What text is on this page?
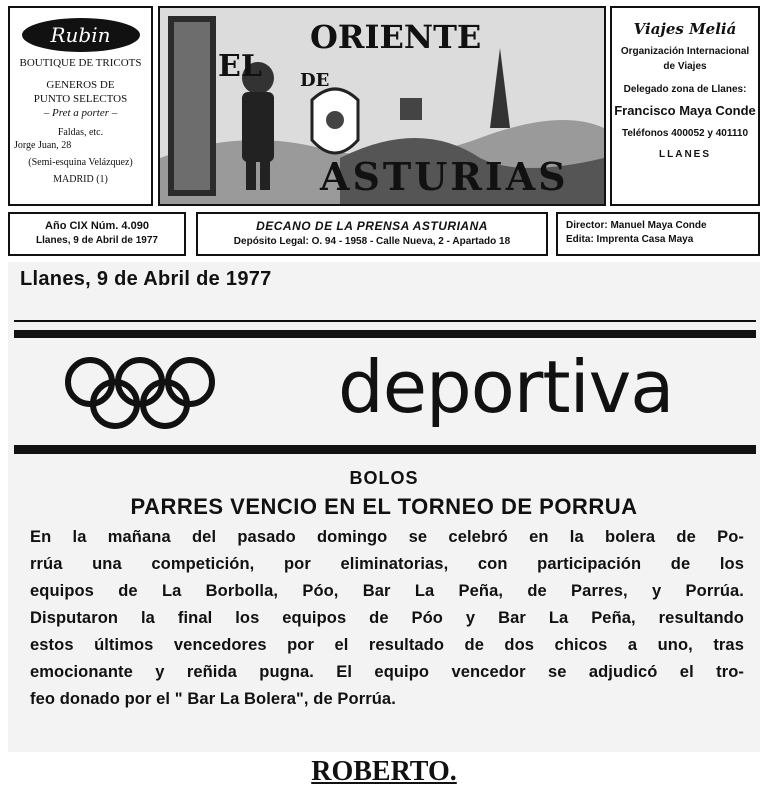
Rubin
BOUTIQUE DE TRICOTS
GENEROS DE
PUNTO SELECTOS
– Pret a porter –
Faldas, etc.
Jorge Juan, 28
(Semi-esquina Velázquez)
MADRID (1)
ORIENTE
ASTURIAS
EL DE
Viajes Meliá
Organización Internacional
de Viajes
Delegado zona de Llanes:
Francisco Maya Conde
Teléfonos 400052 y 401110
LLANES
Año CIX Núm. 4.090
Llanes, 9 de Abril de 1977
DECANO DE LA PRENSA ASTURIANA
Depósito Legal: O. 94 - 1958 - Calle Nueva, 2 - Apartado 18
Director: Manuel Maya Conde
Edita: Imprenta Casa Maya
Llanes, 9 de Abril de 1977
deportiva
BOLOS
PARRES VENCIO EN EL TORNEO DE PORRUA
En la mañana del pasado domingo se celebró en la bolera de Po-
rrúa una competición, por eliminatorias, con participación de los
equipos de La Borbolla, Póo, Bar La Peña, de Parres, y Porrúa.
Disputaron la final los equipos de Póo y Bar La Peña, resultando
estos últimos vencedores por el resultado de dos chicos a uno, tras
emocionante y reñida pugna. El equipo vencedor se adjudicó el tro-
feo donado por el " Bar La Bolera", de Porrúa.
ROBERTO.
